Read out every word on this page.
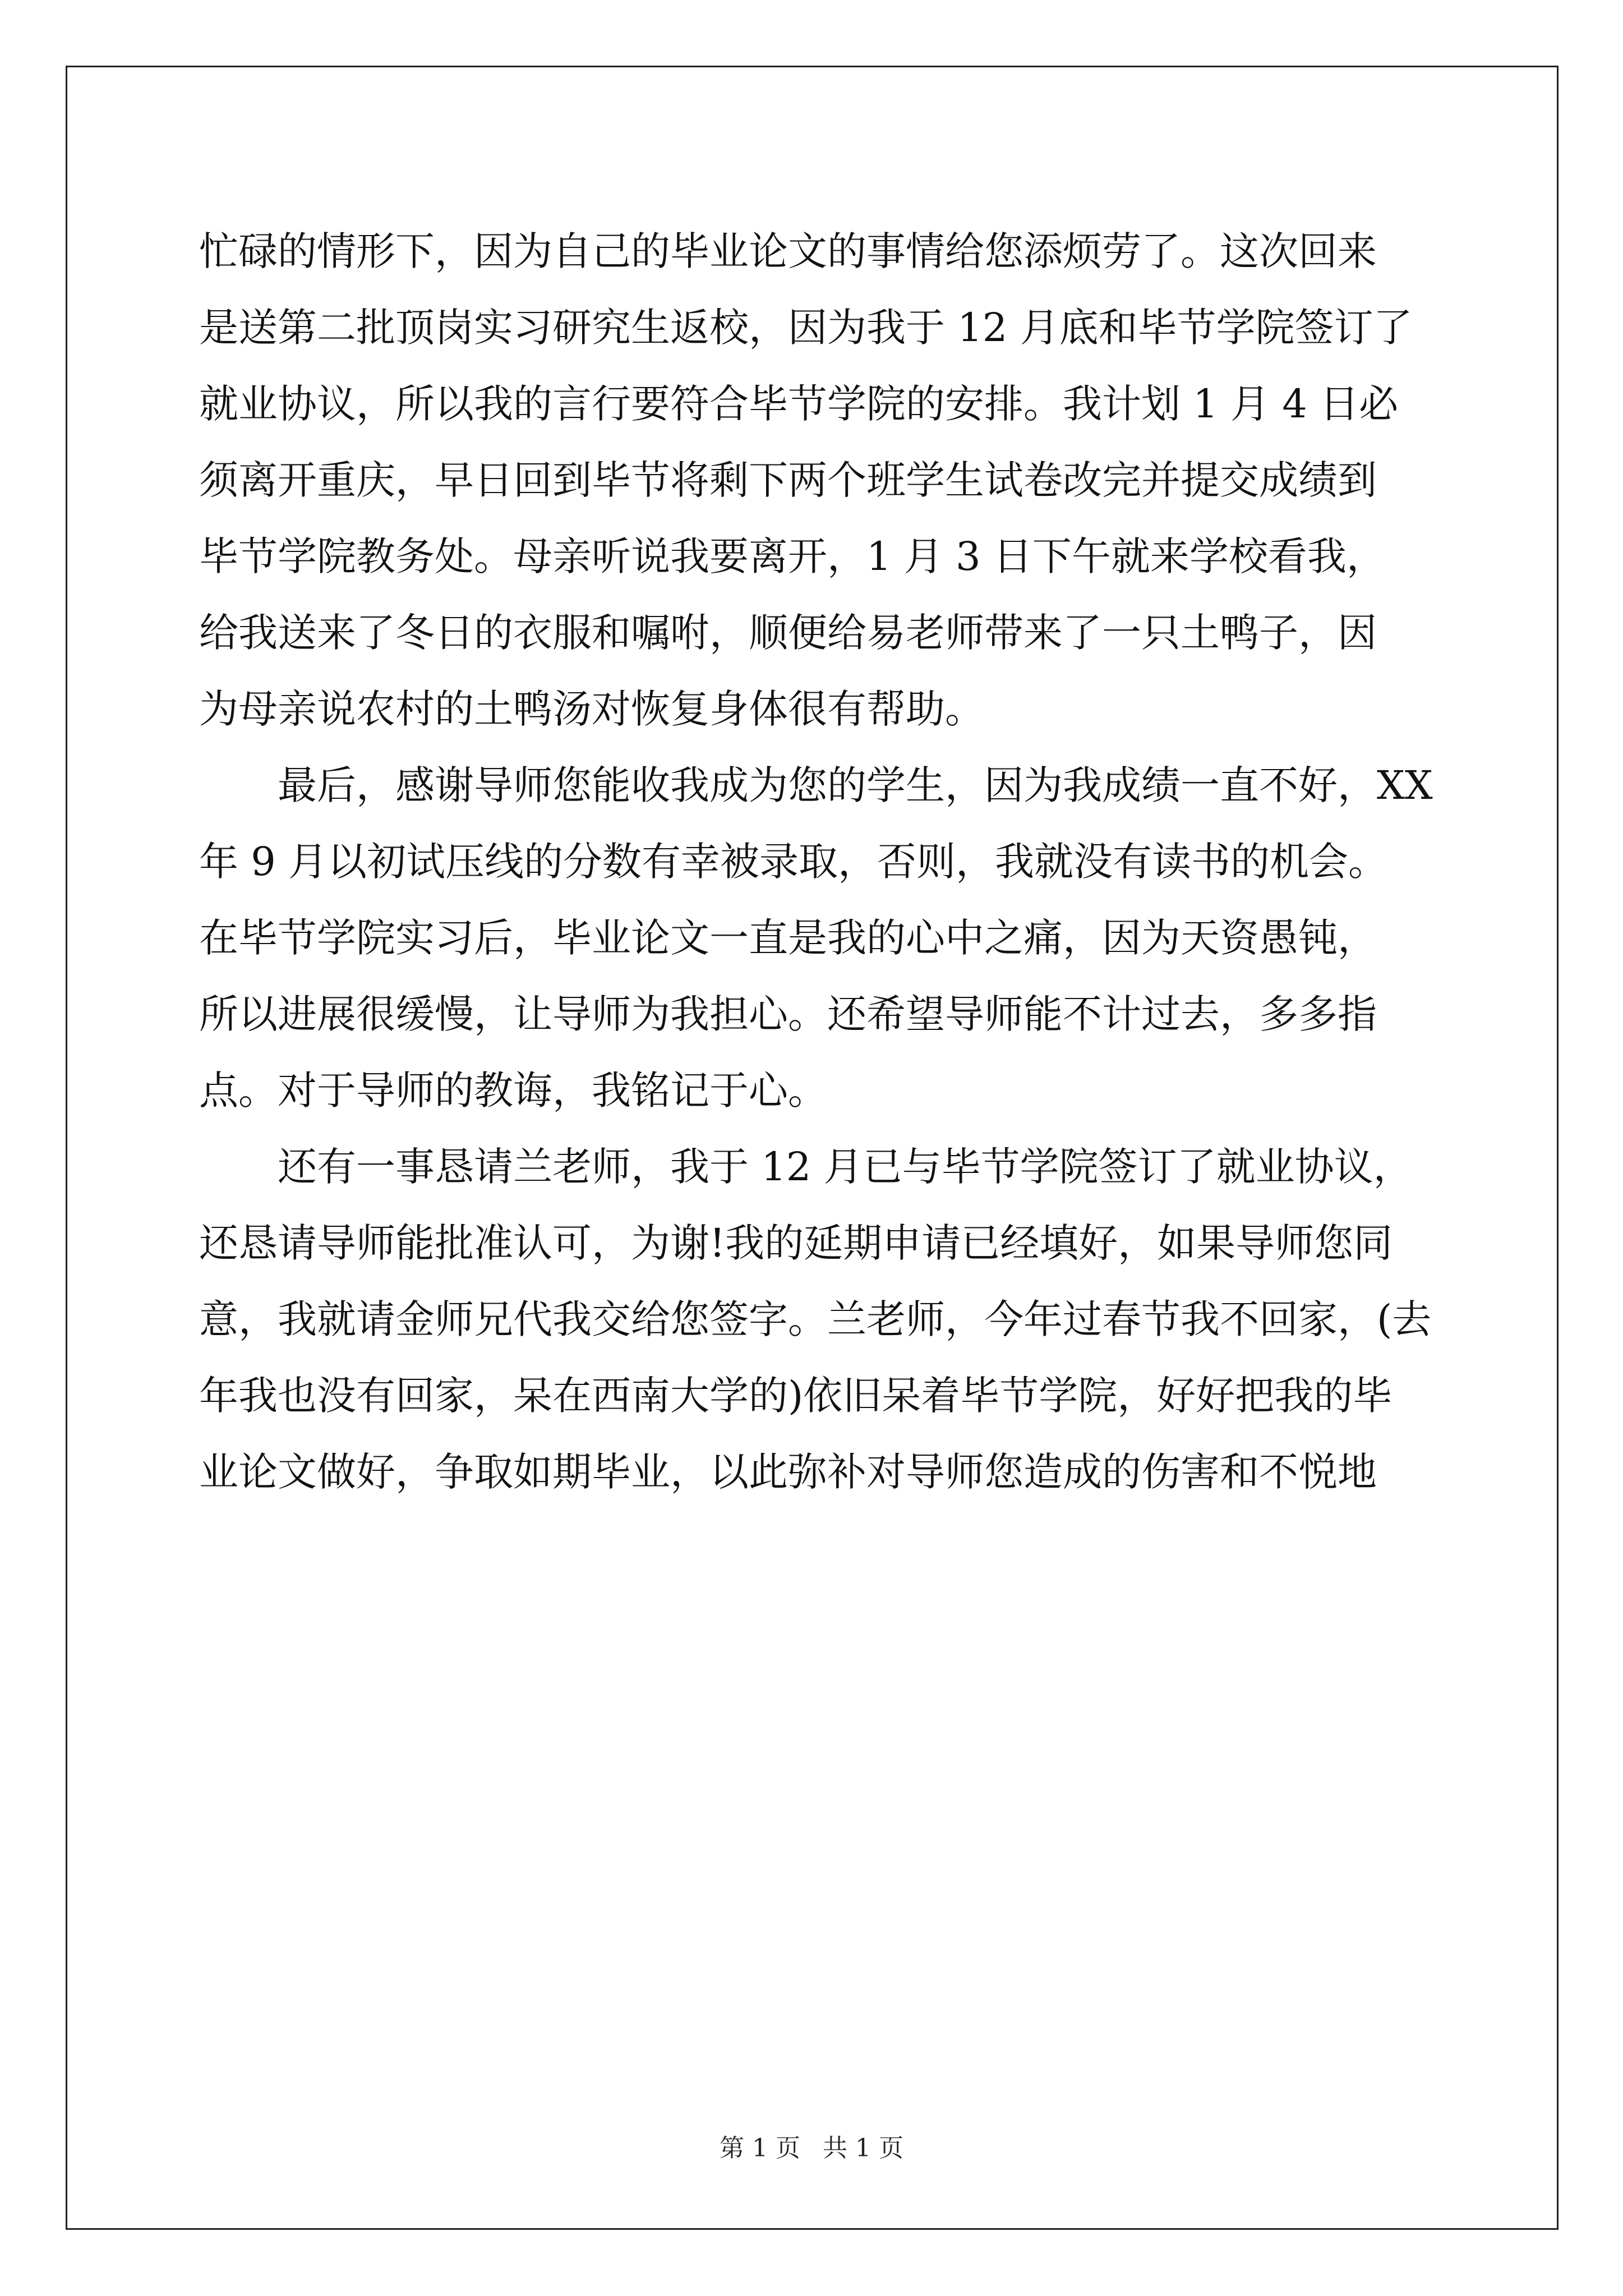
忙碌的情形下，因为自己的毕业论文的事情给您添烦劳了。这次回来
是送第二批顶岗实习研究生返校，因为我于 12 月底和毕节学院签订了
就业协议，所以我的言行要符合毕节学院的安排。我计划 1 月 4 日必
须离开重庆，早日回到毕节将剩下两个班学生试卷改完并提交成绩到
毕节学院教务处。母亲听说我要离开，1 月 3 日下午就来学校看我，
给我送来了冬日的衣服和嘱咐，顺便给易老师带来了一只土鸭子，因
为母亲说农村的土鸭汤对恢复身体很有帮助。
　　最后，感谢导师您能收我成为您的学生，因为我成绩一直不好，XX
年 9 月以初试压线的分数有幸被录取，否则，我就没有读书的机会。
在毕节学院实习后，毕业论文一直是我的心中之痛，因为天资愚钝，
所以进展很缓慢，让导师为我担心。还希望导师能不计过去，多多指
点。对于导师的教诲，我铭记于心。
　　还有一事恳请兰老师，我于 12 月已与毕节学院签订了就业协议，
还恳请导师能批准认可，为谢!我的延期申请已经填好，如果导师您同
意，我就请金师兄代我交给您签字。兰老师，今年过春节我不回家，(去
年我也没有回家，呆在西南大学的)依旧呆着毕节学院，好好把我的毕
业论文做好，争取如期毕业，以此弥补对导师您造成的伤害和不悦地
第 1 页 共 1 页
